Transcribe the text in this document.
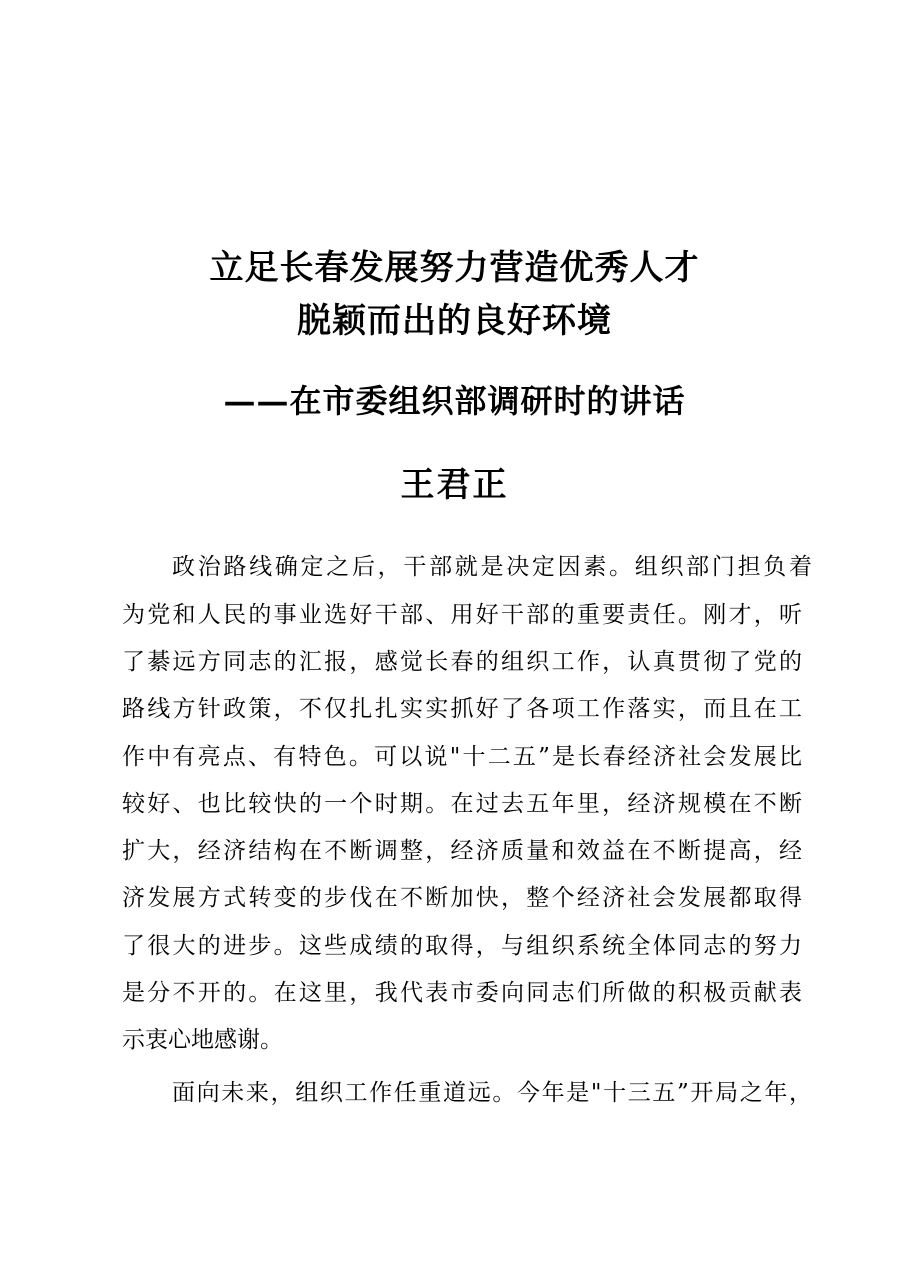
立足长春发展努力营造优秀人才
脱颖而出的良好环境
——在市委组织部调研时的讲话
王君正
政治路线确定之后，干部就是决定因素。组织部门担负着
为党和人民的事业选好干部、用好干部的重要责任。刚才，听
了綦远方同志的汇报，感觉长春的组织工作，认真贯彻了党的
路线方针政策，不仅扎扎实实抓好了各项工作落实，而且在工
作中有亮点、有特色。可以说"十二五”是长春经济社会发展比
较好、也比较快的一个时期。在过去五年里，经济规模在不断
扩大，经济结构在不断调整，经济质量和效益在不断提高，经
济发展方式转变的步伐在不断加快，整个经济社会发展都取得
了很大的进步。这些成绩的取得，与组织系统全体同志的努力
是分不开的。在这里，我代表市委向同志们所做的积极贡献表
示衷心地感谢。
面向未来，组织工作任重道远。今年是"十三五”开局之年，
